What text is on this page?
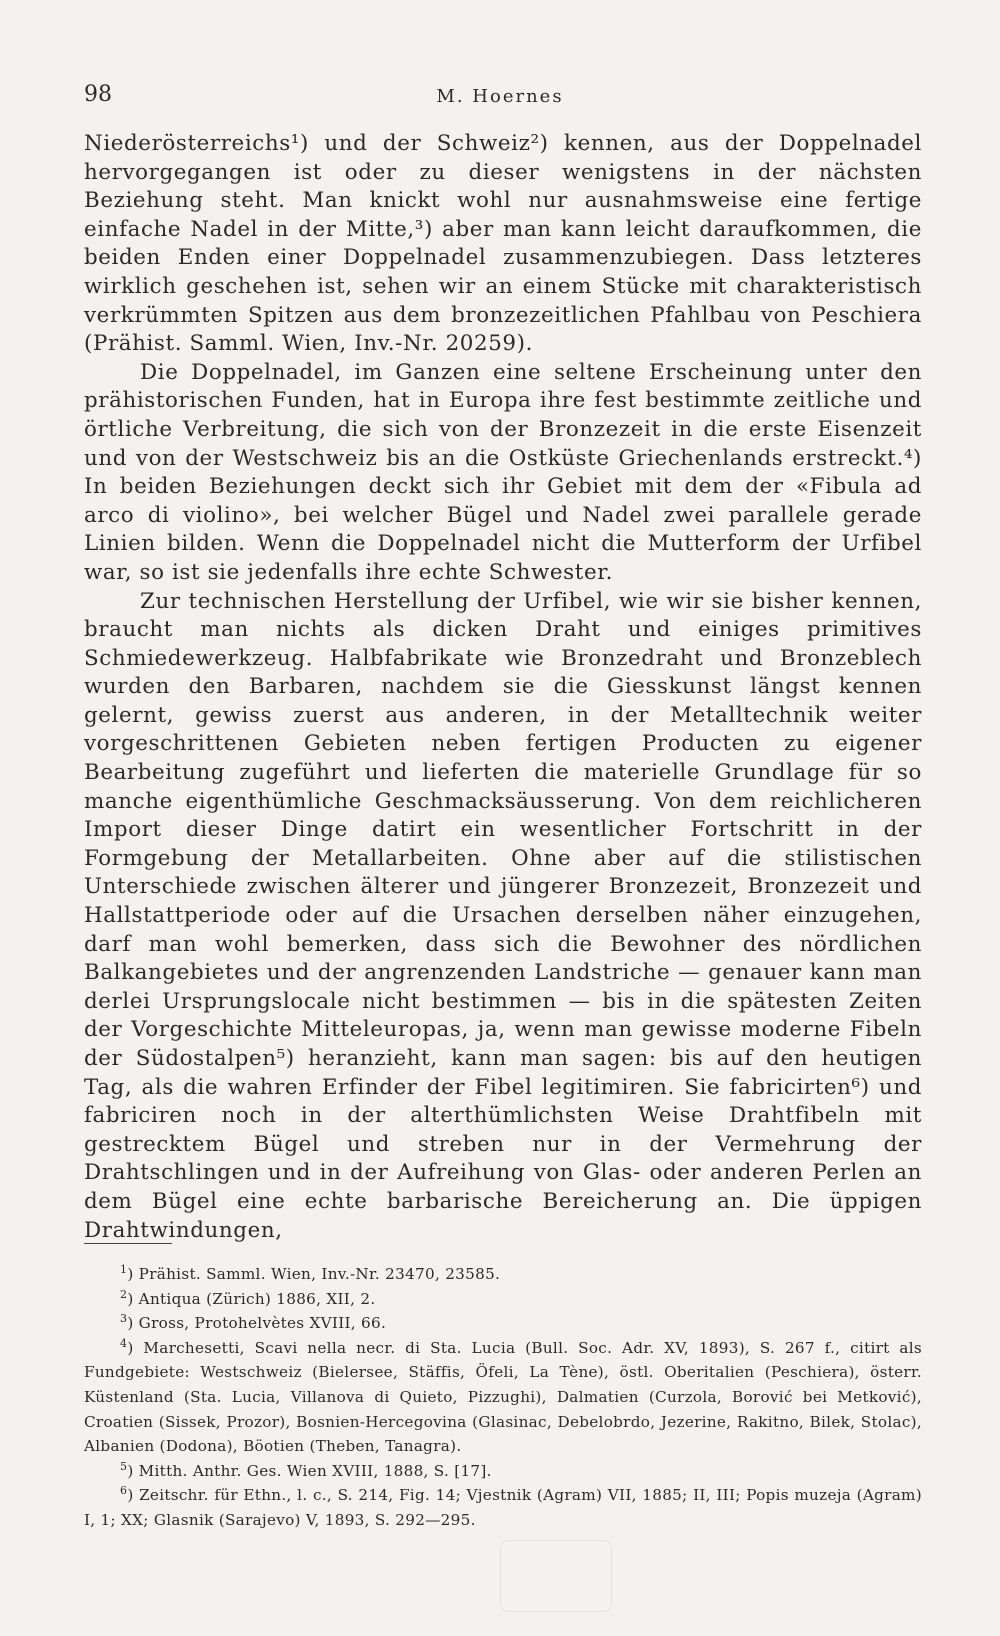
98	M. Hoernes

Niederösterreichs¹) und der Schweiz²) kennen, aus der Doppelnadel hervorgegangen ist oder zu dieser wenigstens in der nächsten Beziehung steht. Man knickt wohl nur ausnahmsweise eine fertige einfache Nadel in der Mitte,³) aber man kann leicht daraufkommen, die beiden Enden einer Doppelnadel zusammenzubiegen. Dass letzteres wirklich geschehen ist, sehen wir an einem Stücke mit charakteristisch verkrümmten Spitzen aus dem bronzezeitlichen Pfahlbau von Peschiera (Prähist. Samml. Wien, Inv.-Nr. 20259).

Die Doppelnadel, im Ganzen eine seltene Erscheinung unter den prähistorischen Funden, hat in Europa ihre fest bestimmte zeitliche und örtliche Verbreitung, die sich von der Bronzezeit in die erste Eisenzeit und von der Westschweiz bis an die Ostküste Griechenlands erstreckt.⁴) In beiden Beziehungen deckt sich ihr Gebiet mit dem der «Fibula ad arco di violino», bei welcher Bügel und Nadel zwei parallele gerade Linien bilden. Wenn die Doppelnadel nicht die Mutterform der Urfibel war, so ist sie jedenfalls ihre echte Schwester.

Zur technischen Herstellung der Urfibel, wie wir sie bisher kennen, braucht man nichts als dicken Draht und einiges primitives Schmiedewerkzeug. Halbfabrikate wie Bronzedraht und Bronzeblech wurden den Barbaren, nachdem sie die Giesskunst längst kennen gelernt, gewiss zuerst aus anderen, in der Metalltechnik weiter vorgeschrittenen Gebieten neben fertigen Producten zu eigener Bearbeitung zugeführt und lieferten die materielle Grundlage für so manche eigenthümliche Geschmacksäusserung. Von dem reichlicheren Import dieser Dinge datirt ein wesentlicher Fortschritt in der Formgebung der Metallarbeiten. Ohne aber auf die stilistischen Unterschiede zwischen älterer und jüngerer Bronzezeit, Bronzezeit und Hallstattperiode oder auf die Ursachen derselben näher einzugehen, darf man wohl bemerken, dass sich die Bewohner des nördlichen Balkangebietes und der angrenzenden Landstriche — genauer kann man derlei Ursprungslocale nicht bestimmen — bis in die spätesten Zeiten der Vorgeschichte Mitteleuropas, ja, wenn man gewisse moderne Fibeln der Südostalpen⁵) heranzieht, kann man sagen: bis auf den heutigen Tag, als die wahren Erfinder der Fibel legitimiren. Sie fabricirten⁶) und fabriciren noch in der alterthümlichsten Weise Drahtfibeln mit gestrecktem Bügel und streben nur in der Vermehrung der Drahtschlingen und in der Aufreihung von Glas- oder anderen Perlen an dem Bügel eine echte barbarische Bereicherung an. Die üppigen Drahtwindungen,

$^1$) Prähist. Samml. Wien, Inv.-Nr. 23470, 23585.

$^2$) Antiqua (Zürich) 1886, XII, 2.

$^3$) Gross, Protohelvètes XVIII, 66.

$^4$) Marchesetti, Scavi nella necr. di Sta. Lucia (Bull. Soc. Adr. XV, 1893), S. 267 f., citirt als Fundgebiete: Westschweiz (Bielersee, Stäffis, Öfeli, La Tène), östl. Oberitalien (Peschiera), österr. Küstenland (Sta. Lucia, Villanova di Quieto, Pizzughi), Dalmatien (Curzola, Borović bei Metković), Croatien (Sissek, Prozor), Bosnien-Hercegovina (Glasinac, Debelobrdo, Jezerine, Rakitno, Bilek, Stolac), Albanien (Dodona), Böotien (Theben, Tanagra).

$^5$) Mitth. Anthr. Ges. Wien XVIII, 1888, S. [17].

$^6$) Zeitschr. für Ethn., l. c., S. 214, Fig. 14; Vjestnik (Agram) VII, 1885; II, III; Popis muzeja (Agram) I, 1; XX; Glasnik (Sarajevo) V, 1893, S. 292—295.
